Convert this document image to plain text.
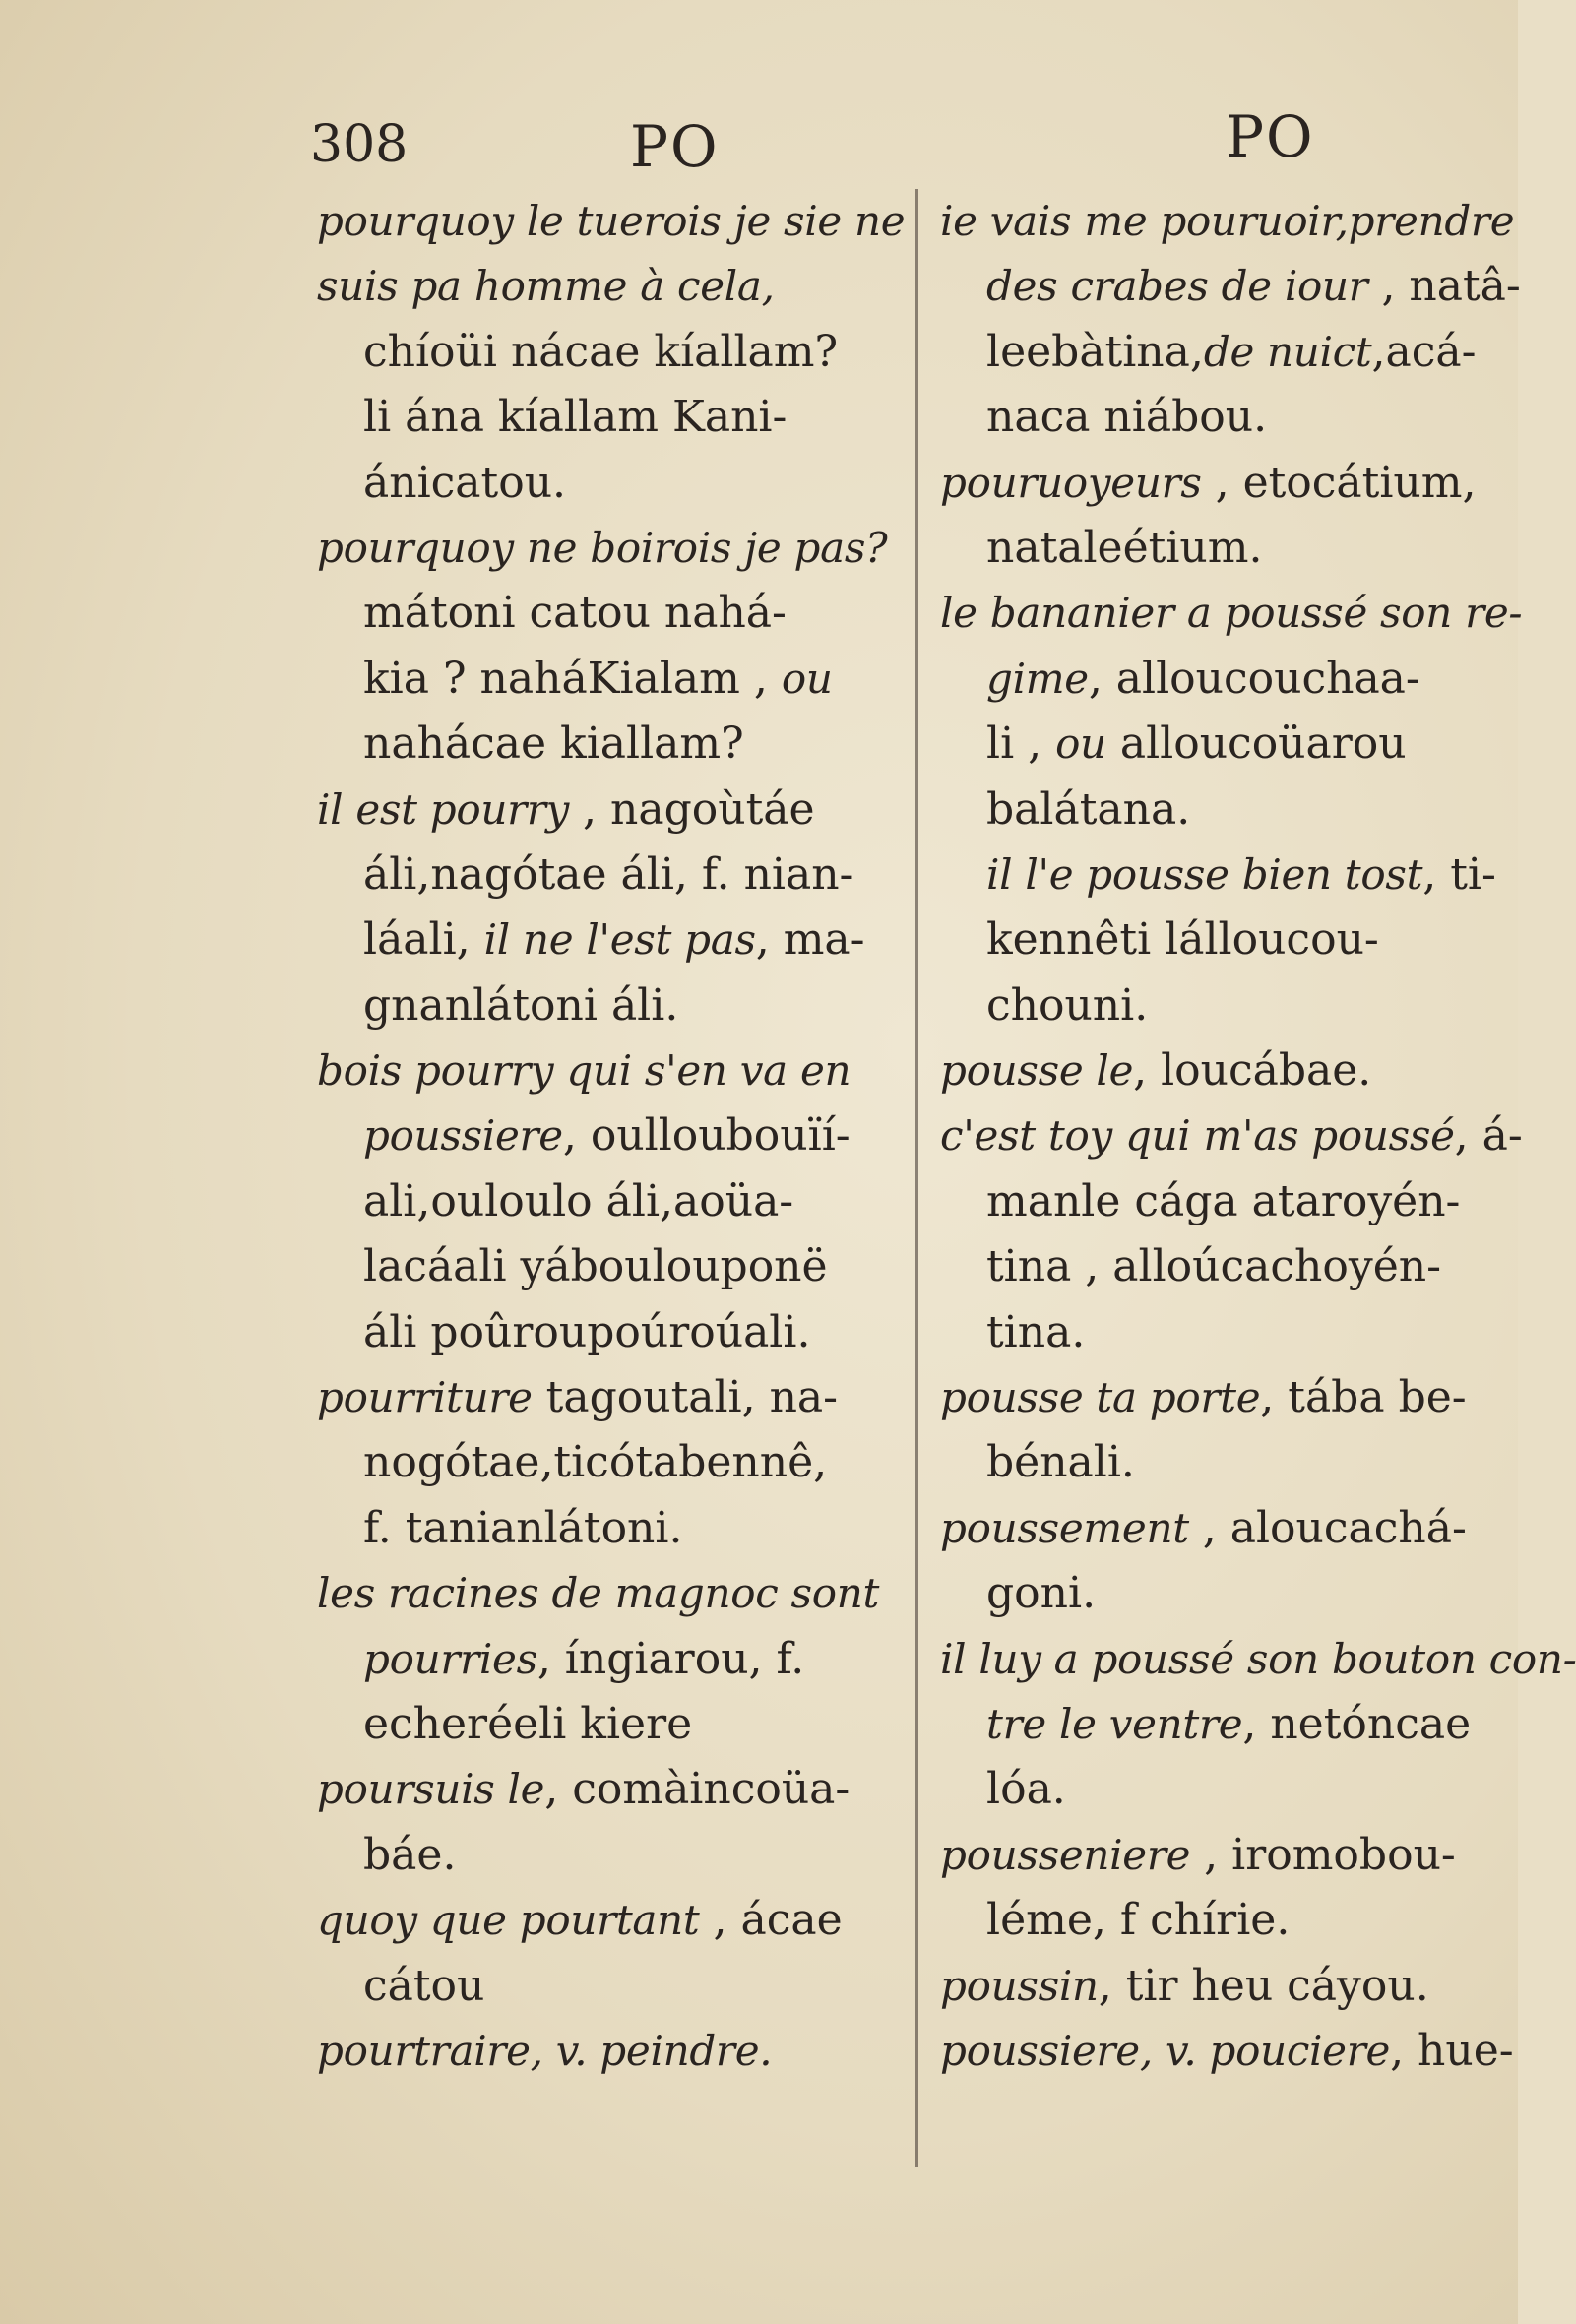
308	PO	PO
pourquoy le tuerois je sie ne
suis pa homme à cela,
chíoüi nácae kíallam?
li ána kíallam Kani-
ánicatou.
pourquoy ne boirois je pas?
mátoni catou nahá-
kia ? naháKialam , ou
nahácae kiallam?
il est pourry , nagoùtáe
áli,nagótae áli, f. nian-
láali, il ne l'est pas, ma-
gnanlátoni áli.
bois pourry qui s'en va en
poussiere, oulloubouïí-
ali,ouloulo áli,aoüa-
lacáali yáboulouponë
áli poûroupoúroúali.
pourriture tagoutali, na-
nogótae,ticótabennê,
f. tanianlátoni.
les racines de magnoc sont
pourries, íngiarou, f.
echeréeli kiere
poursuis le, comàincoüa-
báe.
quoy que pourtant , ácae
cátou
pourtraire, v. peindre.
ie vais me pouruoir,prendre
des crabes de iour , natâ-
leebàtina,de nuict,acá-
naca niábou.
pouruoyeurs , etocátium,
nataleétium.
le bananier a poussé son re-
gime, alloucouchaa-
li , ou allоucoüarou
balátana.
il l'e pousse bien tost, ti-
kennêti lálloucou-
chouni.
pousse le, loucábae.
c'est toy qui m'as poussé, á-
manle cága ataroyén-
tina , alloúcachoyén-
tina.
pousse ta porte, tába be-
bénali.
poussement , aloucachá-
goni.
il luy a poussé son bouton con-
tre le ventre, netóncae
lóa.
pousseniere , iromobou-
léme, f chírie.
poussin, tir heu cáyou.
poussiere, v. pouciere, hue-
